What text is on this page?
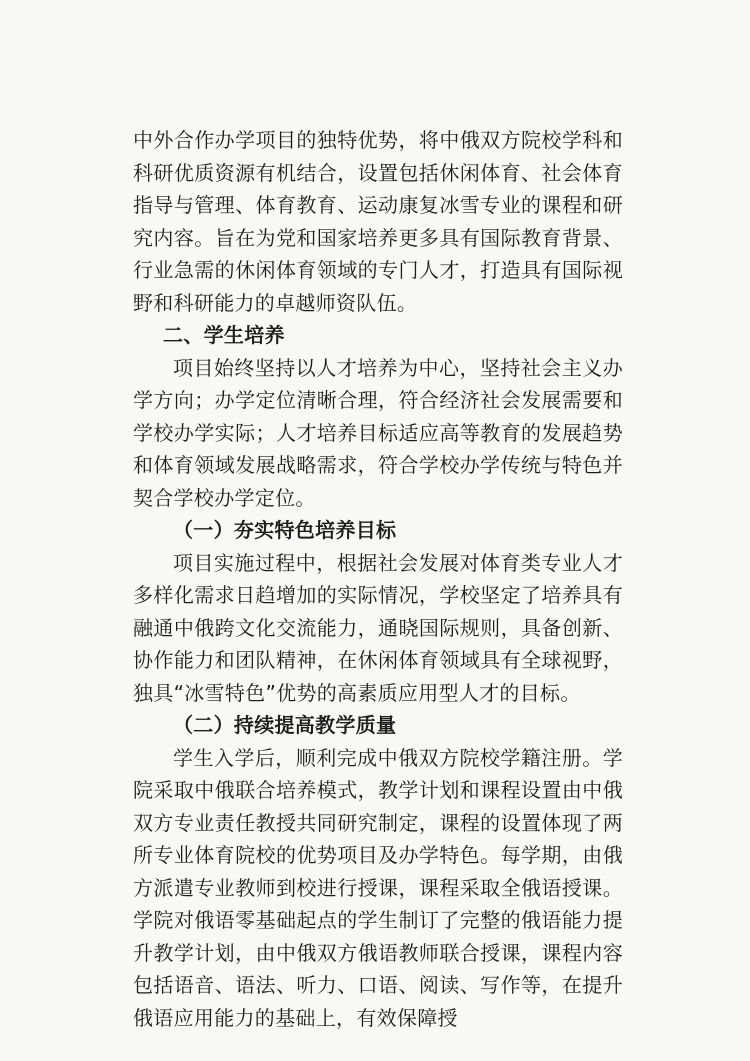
中外合作办学项目的独特优势，将中俄双方院校学科和科研优质资源有机结合，设置包括休闲体育、社会体育指导与管理、体育教育、运动康复冰雪专业的课程和研究内容。旨在为党和国家培养更多具有国际教育背景、行业急需的休闲体育领域的专门人才，打造具有国际视野和科研能力的卓越师资队伍。

二、学生培养

项目始终坚持以人才培养为中心，坚持社会主义办学方向；办学定位清晰合理，符合经济社会发展需要和学校办学实际；人才培养目标适应高等教育的发展趋势和体育领域发展战略需求，符合学校办学传统与特色并契合学校办学定位。

（一）夯实特色培养目标

项目实施过程中，根据社会发展对体育类专业人才多样化需求日趋增加的实际情况，学校坚定了培养具有融通中俄跨文化交流能力，通晓国际规则，具备创新、协作能力和团队精神，在休闲体育领域具有全球视野，独具“冰雪特色”优势的高素质应用型人才的目标。

（二）持续提高教学质量

学生入学后，顺利完成中俄双方院校学籍注册。学院采取中俄联合培养模式，教学计划和课程设置由中俄双方专业责任教授共同研究制定，课程的设置体现了两所专业体育院校的优势项目及办学特色。每学期，由俄方派遣专业教师到校进行授课，课程采取全俄语授课。学院对俄语零基础起点的学生制订了完整的俄语能力提升教学计划，由中俄双方俄语教师联合授课，课程内容包括语音、语法、听力、口语、阅读、写作等，在提升俄语应用能力的基础上，有效保障授
